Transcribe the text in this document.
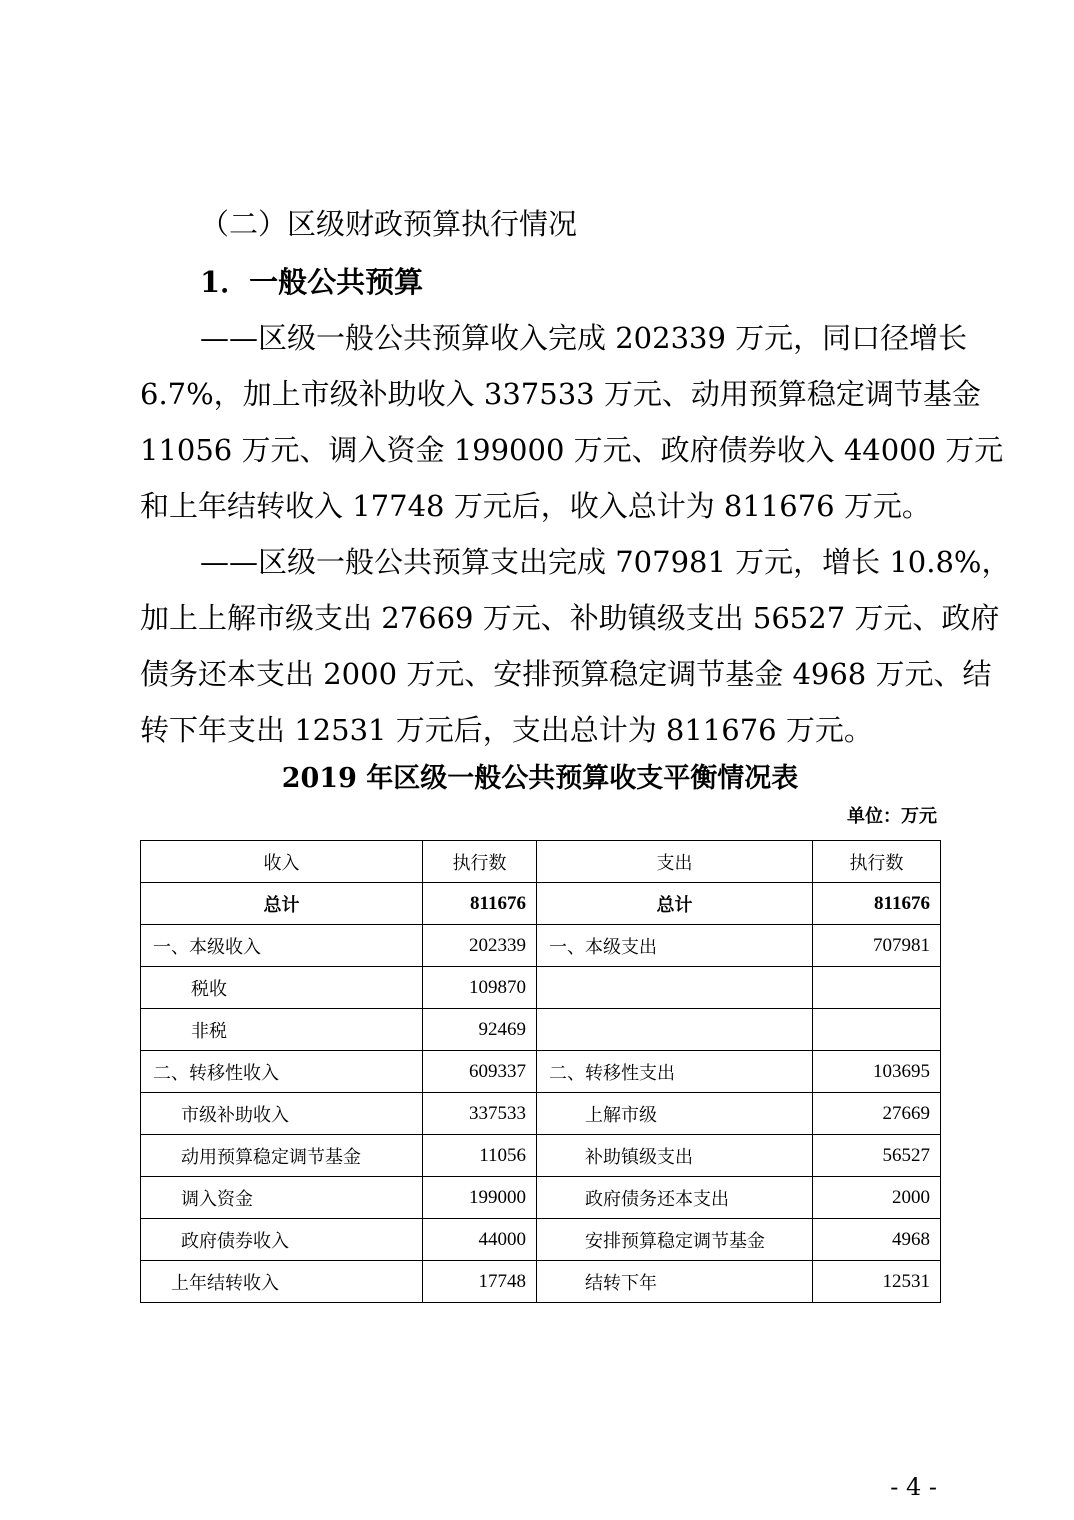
（二）区级财政预算执行情况
1．一般公共预算
——区级一般公共预算收入完成 202339 万元，同口径增长
6.7%，加上市级补助收入 337533 万元、动用预算稳定调节基金
11056 万元、调入资金 199000 万元、政府债券收入 44000 万元
和上年结转收入 17748 万元后，收入总计为 811676 万元。
——区级一般公共预算支出完成 707981 万元，增长 10.8%，
加上上解市级支出 27669 万元、补助镇级支出 56527 万元、政府
债务还本支出 2000 万元、安排预算稳定调节基金 4968 万元、结
转下年支出 12531 万元后，支出总计为 811676 万元。
2019 年区级一般公共预算收支平衡情况表
单位：万元
收入	执行数	支出	执行数
总计	811676	总计	811676
一、本级收入	202339	一、本级支出	707981
税收	109870		
非税	92469		
二、转移性收入	609337	二、转移性支出	103695
市级补助收入	337533	上解市级	27669
动用预算稳定调节基金	11056	补助镇级支出	56527
调入资金	199000	政府债务还本支出	2000
政府债券收入	44000	安排预算稳定调节基金	4968
上年结转收入	17748	结转下年	12531
- 4 -
